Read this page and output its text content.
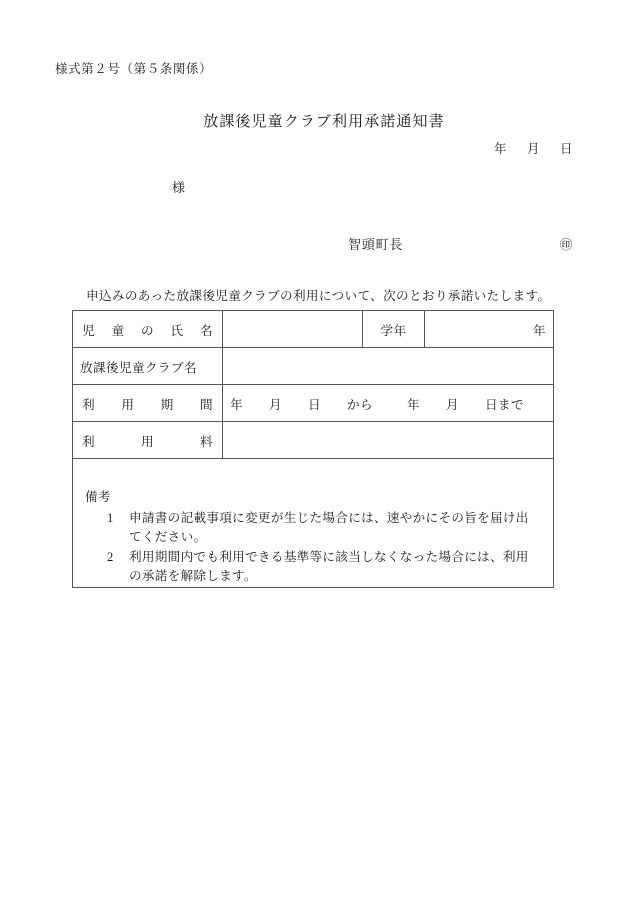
様式第２号（第５条関係）
放課後児童クラブ利用承諾通知書
年 月 日
様
智頭町長	㊞
申込みのあった放課後児童クラブの利用について、次のとおり承諾いたします。
児 童 の 氏 名		学年	年
放課後児童クラブ名			

利 用 期 間	年 月 日 から 年 月 日まで		

利 用 料			

備考
1	申請書の記載事項に変更が生じた場合には、速やかにその旨を届け出てください。
2	利用期間内でも利用できる基準等に該当しなくなった場合には、利用の承諾を解除します。
